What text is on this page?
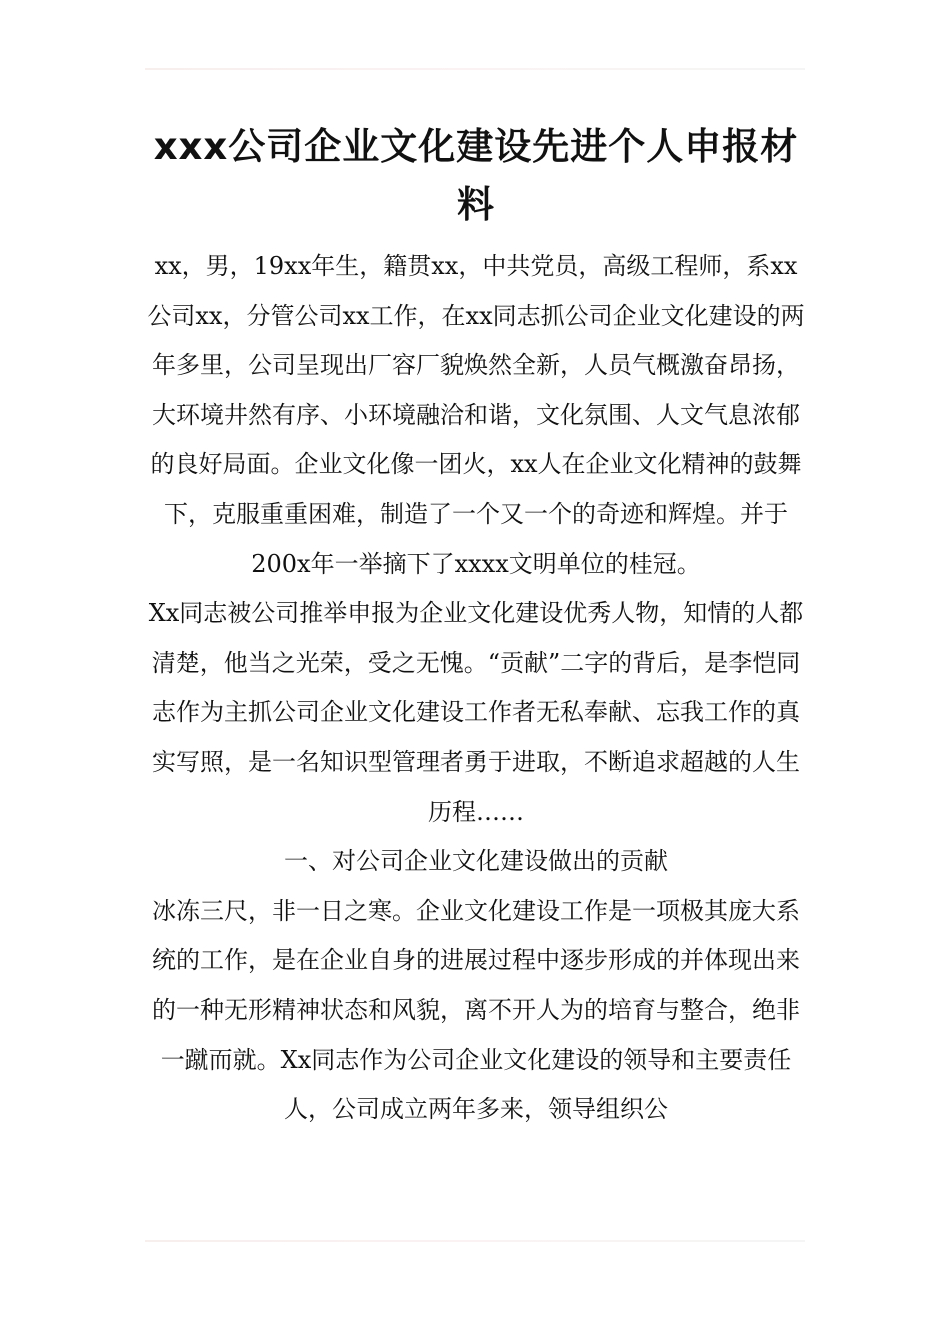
xxx公司企业文化建设先进个人申报材料

xx，男，19xx年生，籍贯xx，中共党员，高级工程师，系xx公司xx，分管公司xx工作，在xx同志抓公司企业文化建设的两年多里，公司呈现出厂容厂貌焕然全新，人员气概激奋昂扬，大环境井然有序、小环境融洽和谐，文化氛围、人文气息浓郁的良好局面。企业文化像一团火，xx人在企业文化精神的鼓舞下，克服重重困难，制造了一个又一个的奇迹和辉煌。并于200x年一举摘下了xxxx文明单位的桂冠。

Xx同志被公司推举申报为企业文化建设优秀人物，知情的人都清楚，他当之光荣，受之无愧。“贡献”二字的背后，是李恺同志作为主抓公司企业文化建设工作者无私奉献、忘我工作的真实写照，是一名知识型管理者勇于进取，不断追求超越的人生历程……

一、对公司企业文化建设做出的贡献

冰冻三尺，非一日之寒。企业文化建设工作是一项极其庞大系统的工作，是在企业自身的进展过程中逐步形成的并体现出来的一种无形精神状态和风貌，离不开人为的培育与整合，绝非一蹴而就。Xx同志作为公司企业文化建设的领导和主要责任人，公司成立两年多来，领导组织公
